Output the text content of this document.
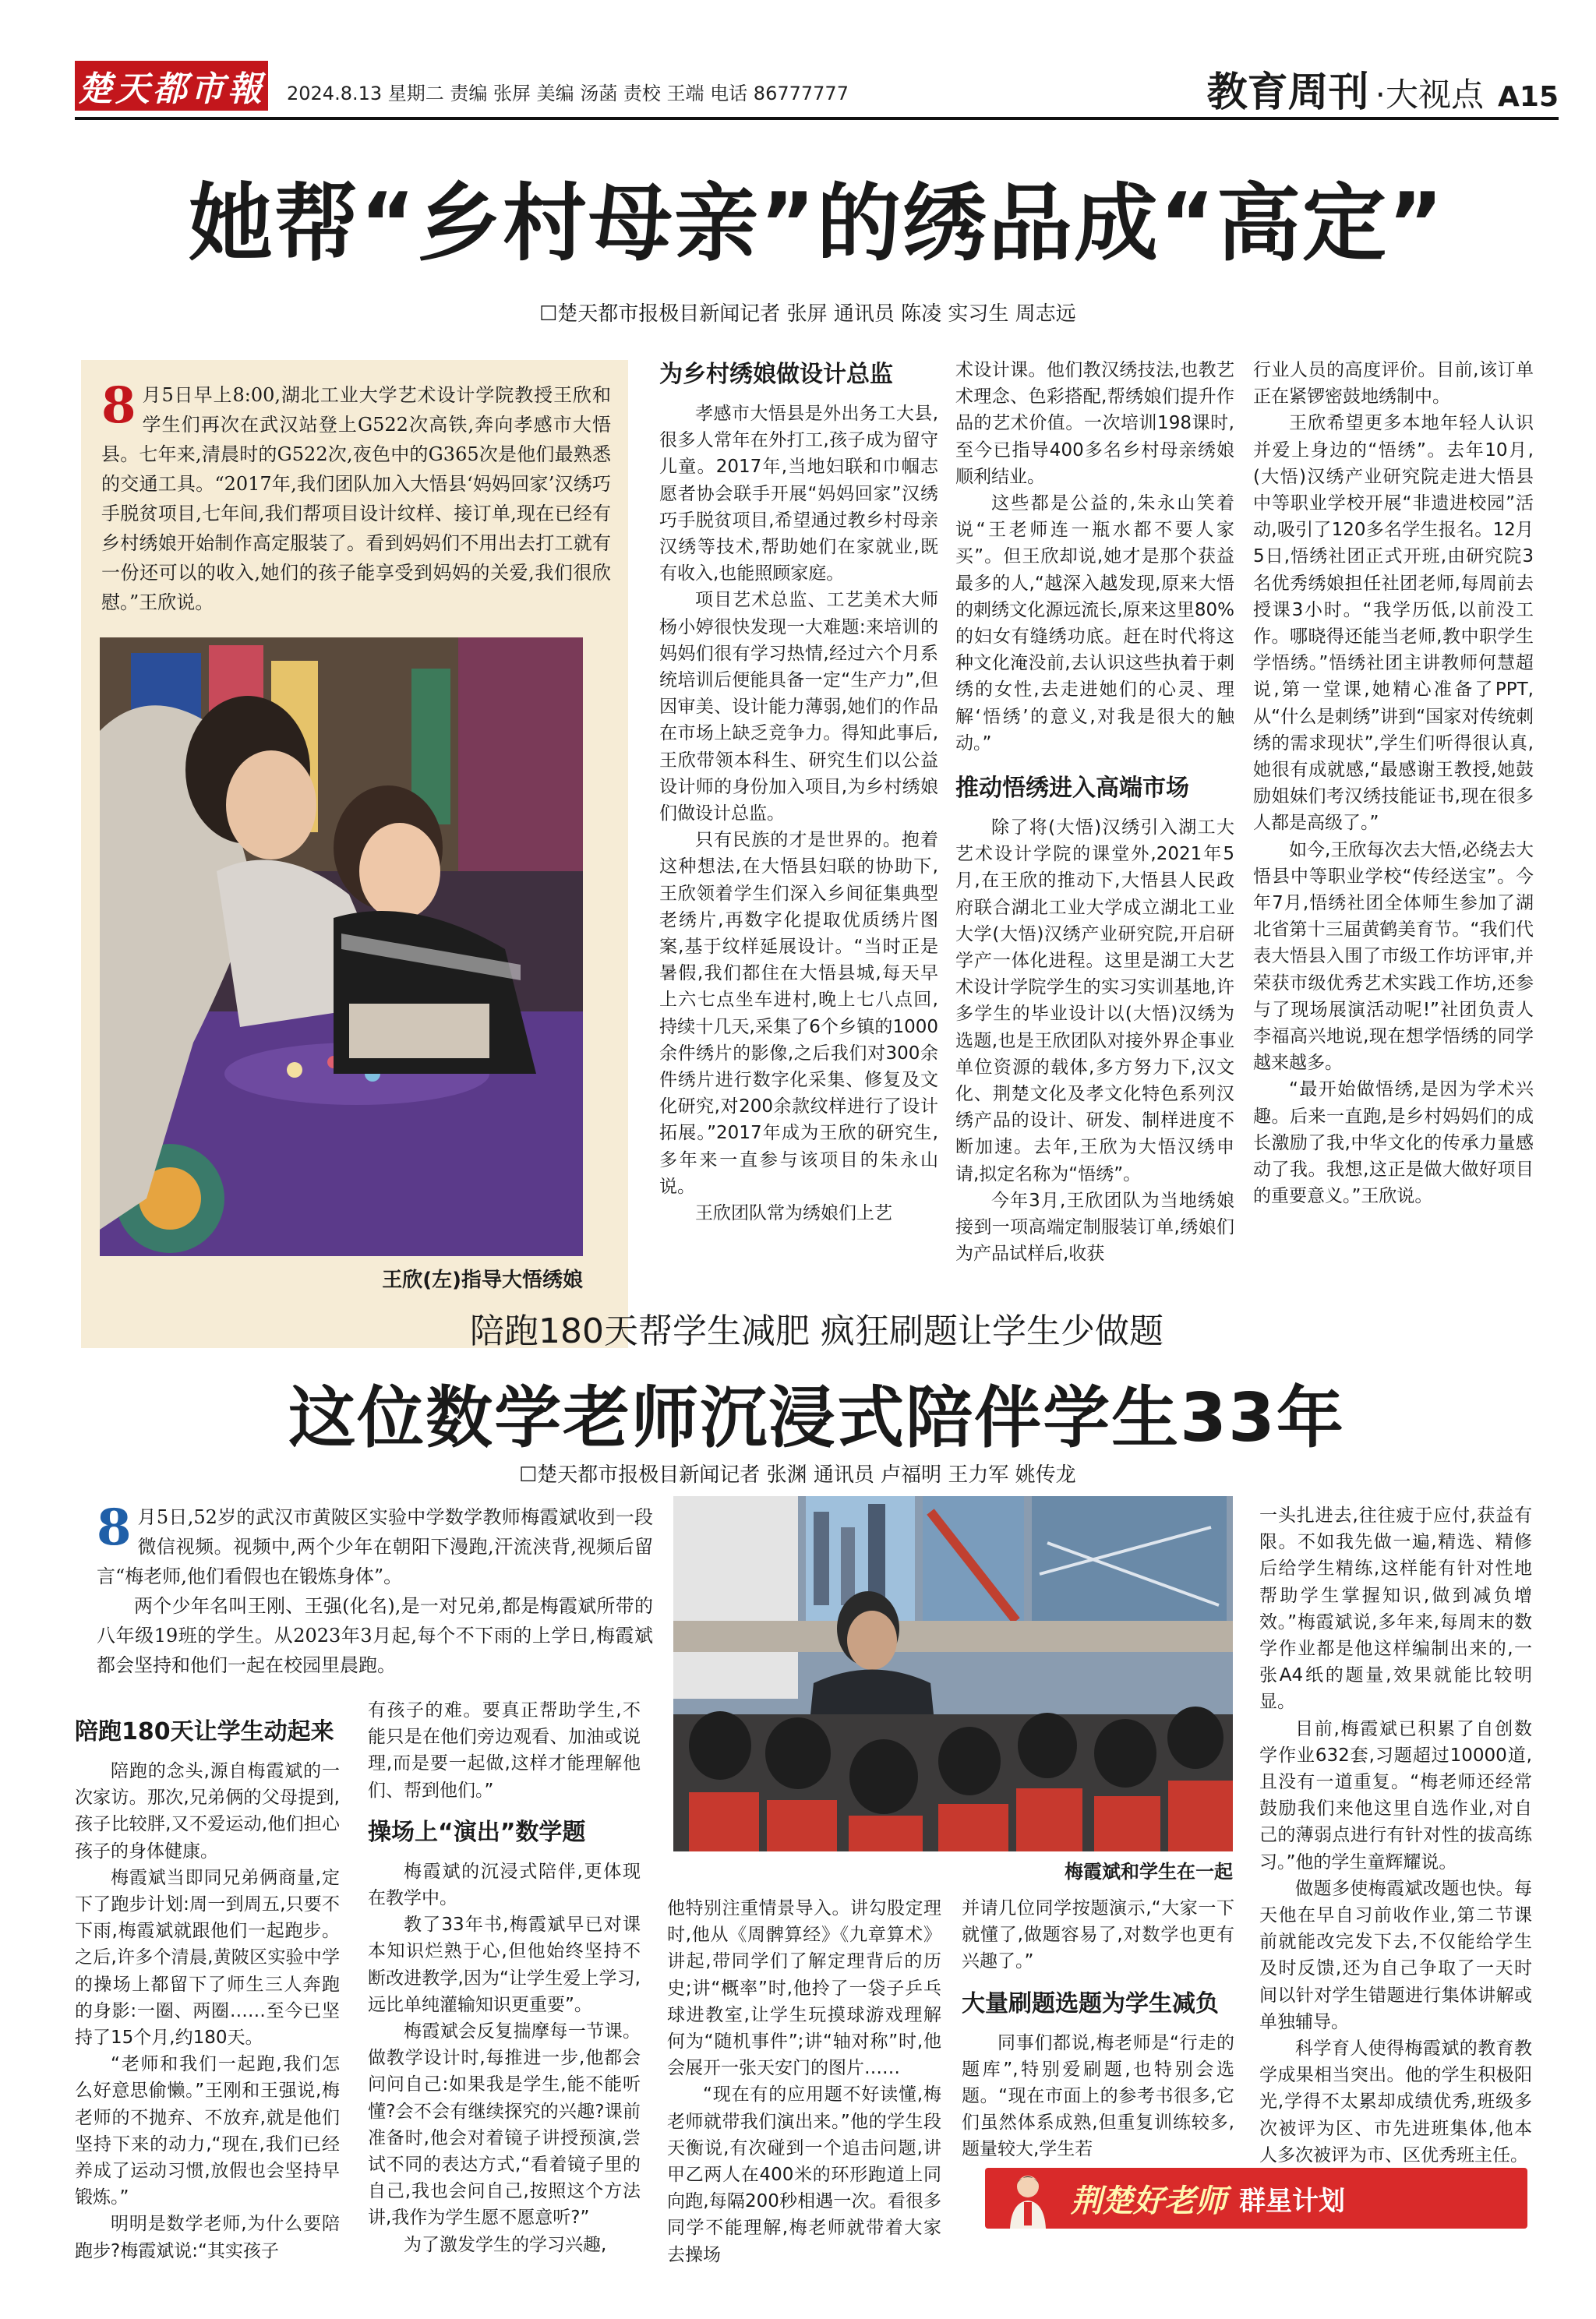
楚天都市報 2024.8.13 星期二 责编 张屏 美编 汤菡 责校 王端 电话 86777777	教育周刊 ·大视点 A15
她帮“乡村母亲”的绣品成“高定”
☐楚天都市报极目新闻记者 张屏 通讯员 陈凌 实习生 周志远
8 月5日早上8:00,湖北工业大学艺术设计学院教授王欣和学生们再次在武汉站登上G522次高铁,奔向孝感市大悟县。七年来,清晨时的G522次,夜色中的G365次是他们最熟悉的交通工具。“2017年,我们团队加入大悟县‘妈妈回家’汉绣巧手脱贫项目,七年间,我们帮项目设计纹样、接订单,现在已经有乡村绣娘开始制作高定服装了。看到妈妈们不用出去打工就有一份还可以的收入,她们的孩子能享受到妈妈的关爱,我们很欣慰。”王欣说。
王欣(左)指导大悟绣娘
为乡村绣娘做设计总监

孝感市大悟县是外出务工大县,很多人常年在外打工,孩子成为留守儿童。2017年,当地妇联和巾帼志愿者协会联手开展“妈妈回家”汉绣巧手脱贫项目,希望通过教乡村母亲汉绣等技术,帮助她们在家就业,既有收入,也能照顾家庭。

项目艺术总监、工艺美术大师杨小婷很快发现一大难题:来培训的妈妈们很有学习热情,经过六个月系统培训后便能具备一定“生产力”,但因审美、设计能力薄弱,她们的作品在市场上缺乏竞争力。得知此事后,王欣带领本科生、研究生们以公益设计师的身份加入项目,为乡村绣娘们做设计总监。

只有民族的才是世界的。抱着这种想法,在大悟县妇联的协助下,王欣领着学生们深入乡间征集典型老绣片,再数字化提取优质绣片图案,基于纹样延展设计。“当时正是暑假,我们都住在大悟县城,每天早上六七点坐车进村,晚上七八点回,持续十几天,采集了6个乡镇的1000余件绣片的影像,之后我们对300余件绣片进行数字化采集、修复及文化研究,对200余款纹样进行了设计拓展。”2017年成为王欣的研究生,多年来一直参与该项目的朱永山说。

王欣团队常为绣娘们上艺

术设计课。他们教汉绣技法,也教艺术理念、色彩搭配,帮绣娘们提升作品的艺术价值。一次培训198课时,至今已指导400多名乡村母亲绣娘顺利结业。

这些都是公益的,朱永山笑着说“王老师连一瓶水都不要人家买”。但王欣却说,她才是那个获益最多的人,“越深入越发现,原来大悟的刺绣文化源远流长,原来这里80%的妇女有缝绣功底。赶在时代将这种文化淹没前,去认识这些执着于刺绣的女性,去走进她们的心灵、理解‘悟绣’的意义,对我是很大的触动。”

推动悟绣进入高端市场

除了将(大悟)汉绣引入湖工大艺术设计学院的课堂外,2021年5月,在王欣的推动下,大悟县人民政府联合湖北工业大学成立湖北工业大学(大悟)汉绣产业研究院,开启研学产一体化进程。这里是湖工大艺术设计学院学生的实习实训基地,许多学生的毕业设计以(大悟)汉绣为选题,也是王欣团队对接外界企事业单位资源的载体,多方努力下,汉文化、荆楚文化及孝文化特色系列汉绣产品的设计、研发、制样进度不断加速。去年,王欣为大悟汉绣申请,拟定名称为“悟绣”。

今年3月,王欣团队为当地绣娘接到一项高端定制服装订单,绣娘们为产品试样后,收获

行业人员的高度评价。目前,该订单正在紧锣密鼓地绣制中。

王欣希望更多本地年轻人认识并爱上身边的“悟绣”。去年10月,(大悟)汉绣产业研究院走进大悟县中等职业学校开展“非遗进校园”活动,吸引了120多名学生报名。12月5日,悟绣社团正式开班,由研究院3名优秀绣娘担任社团老师,每周前去授课3小时。“我学历低,以前没工作。哪晓得还能当老师,教中职学生学悟绣。”悟绣社团主讲教师何慧超说,第一堂课,她精心准备了PPT,从“什么是刺绣”讲到“国家对传统刺绣的需求现状”,学生们听得很认真,她很有成就感,“最感谢王教授,她鼓励姐妹们考汉绣技能证书,现在很多人都是高级了。”

如今,王欣每次去大悟,必绕去大悟县中等职业学校“传经送宝”。今年7月,悟绣社团全体师生参加了湖北省第十三届黄鹤美育节。“我们代表大悟县入围了市级工作坊评审,并荣获市级优秀艺术实践工作坊,还参与了现场展演活动呢!”社团负责人李福高兴地说,现在想学悟绣的同学越来越多。

“最开始做悟绣,是因为学术兴趣。后来一直跑,是乡村妈妈们的成长激励了我,中华文化的传承力量感动了我。我想,这正是做大做好项目的重要意义。”王欣说。

陪跑180天帮学生减肥 疯狂刷题让学生少做题
这位数学老师沉浸式陪伴学生33年
☐楚天都市报极目新闻记者 张渊 通讯员 卢福明 王力军 姚传龙
8 月5日,52岁的武汉市黄陂区实验中学数学教师梅霞斌收到一段微信视频。视频中,两个少年在朝阳下漫跑,汗流浃背,视频后留言“梅老师,他们看假也在锻炼身体”。
两个少年名叫王刚、王强(化名),是一对兄弟,都是梅霞斌所带的八年级19班的学生。从2023年3月起,每个不下雨的上学日,梅霞斌都会坚持和他们一起在校园里晨跑。
梅霞斌和学生在一起
陪跑180天让学生动起来

陪跑的念头,源自梅霞斌的一次家访。那次,兄弟俩的父母提到,孩子比较胖,又不爱运动,他们担心孩子的身体健康。

梅霞斌当即同兄弟俩商量,定下了跑步计划:周一到周五,只要不下雨,梅霞斌就跟他们一起跑步。之后,许多个清晨,黄陂区实验中学的操场上都留下了师生三人奔跑的身影:一圈、两圈……至今已坚持了15个月,约180天。

“老师和我们一起跑,我们怎么好意思偷懒。”王刚和王强说,梅老师的不抛弃、不放弃,就是他们坚持下来的动力,“现在,我们已经养成了运动习惯,放假也会坚持早锻炼。”

明明是数学老师,为什么要陪跑步?梅霞斌说:“其实孩子

有孩子的难。要真正帮助学生,不能只是在他们旁边观看、加油或说理,而是要一起做,这样才能理解他们、帮到他们。”

操场上“演出”数学题

梅霞斌的沉浸式陪伴,更体现在教学中。

教了33年书,梅霞斌早已对课本知识烂熟于心,但他始终坚持不断改进教学,因为“让学生爱上学习,远比单纯灌输知识更重要”。

梅霞斌会反复揣摩每一节课。做教学设计时,每推进一步,他都会问问自己:如果我是学生,能不能听懂?会不会有继续探究的兴趣?课前准备时,他会对着镜子讲授预演,尝试不同的表达方式,“看着镜子里的自己,我也会问自己,按照这个方法讲,我作为学生愿不愿意听?”

为了激发学生的学习兴趣,

他特别注重情景导入。讲勾股定理时,他从《周髀算经》《九章算术》讲起,带同学们了解定理背后的历史;讲“概率”时,他拎了一袋子乒乓球进教室,让学生玩摸球游戏理解何为“随机事件”;讲“轴对称”时,他会展开一张天安门的图片……

“现在有的应用题不好读懂,梅老师就带我们演出来。”他的学生段天衡说,有次碰到一个追击问题,讲甲乙两人在400米的环形跑道上同向跑,每隔200秒相遇一次。看很多同学不能理解,梅老师就带着大家去操场

并请几位同学按题演示,“大家一下就懂了,做题容易了,对数学也更有兴趣了。”

大量刷题选题为学生减负

同事们都说,梅老师是“行走的题库”,特别爱刷题,也特别会选题。“现在市面上的参考书很多,它们虽然体系成熟,但重复训练较多,题量较大,学生若

一头扎进去,往往疲于应付,获益有限。不如我先做一遍,精选、精修后给学生精练,这样能有针对性地帮助学生掌握知识,做到减负增效。”梅霞斌说,多年来,每周末的数学作业都是他这样编制出来的,一张A4纸的题量,效果就能比较明显。

目前,梅霞斌已积累了自创数学作业632套,习题超过10000道,且没有一道重复。“梅老师还经常鼓励我们来他这里自选作业,对自己的薄弱点进行有针对性的拔高练习。”他的学生童辉耀说。

做题多使梅霞斌改题也快。每天他在早自习前收作业,第二节课前就能改完发下去,不仅能给学生及时反馈,还为自己争取了一天时间以针对学生错题进行集体讲解或单独辅导。

科学育人使得梅霞斌的教育教学成果相当突出。他的学生积极阳光,学得不太累却成绩优秀,班级多次被评为区、市先进班集体,他本人多次被评为市、区优秀班主任。

荆楚好老师 群星计划
